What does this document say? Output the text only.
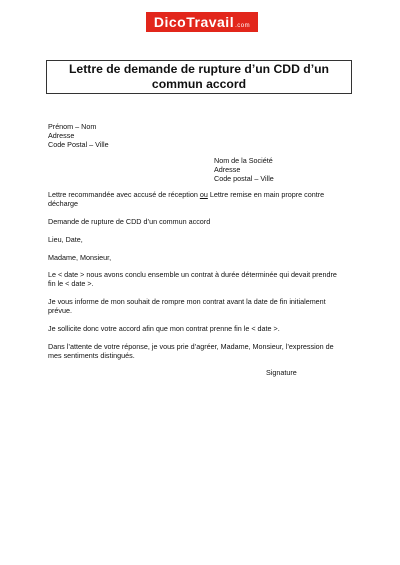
Dico Travail .com
Lettre de demande de rupture d’un CDD d’un
commun accord
Prénom – Nom
Adresse
Code Postal – Ville
Nom de la Société
Adresse
Code postal – Ville
Lettre recommandée avec accusé de réception ou Lettre remise en main propre contre
décharge
Demande de rupture de CDD d’un commun accord
Lieu, Date,
Madame, Monsieur,
Le < date > nous avons conclu ensemble un contrat à durée déterminée qui devait prendre
fin le < date >.
Je vous informe de mon souhait de rompre mon contrat avant la date de fin initialement
prévue.
Je sollicite donc votre accord afin que mon contrat prenne fin le < date >.
Dans l’attente de votre réponse, je vous prie d’agréer, Madame, Monsieur, l’expression de
mes sentiments distingués.
Signature
